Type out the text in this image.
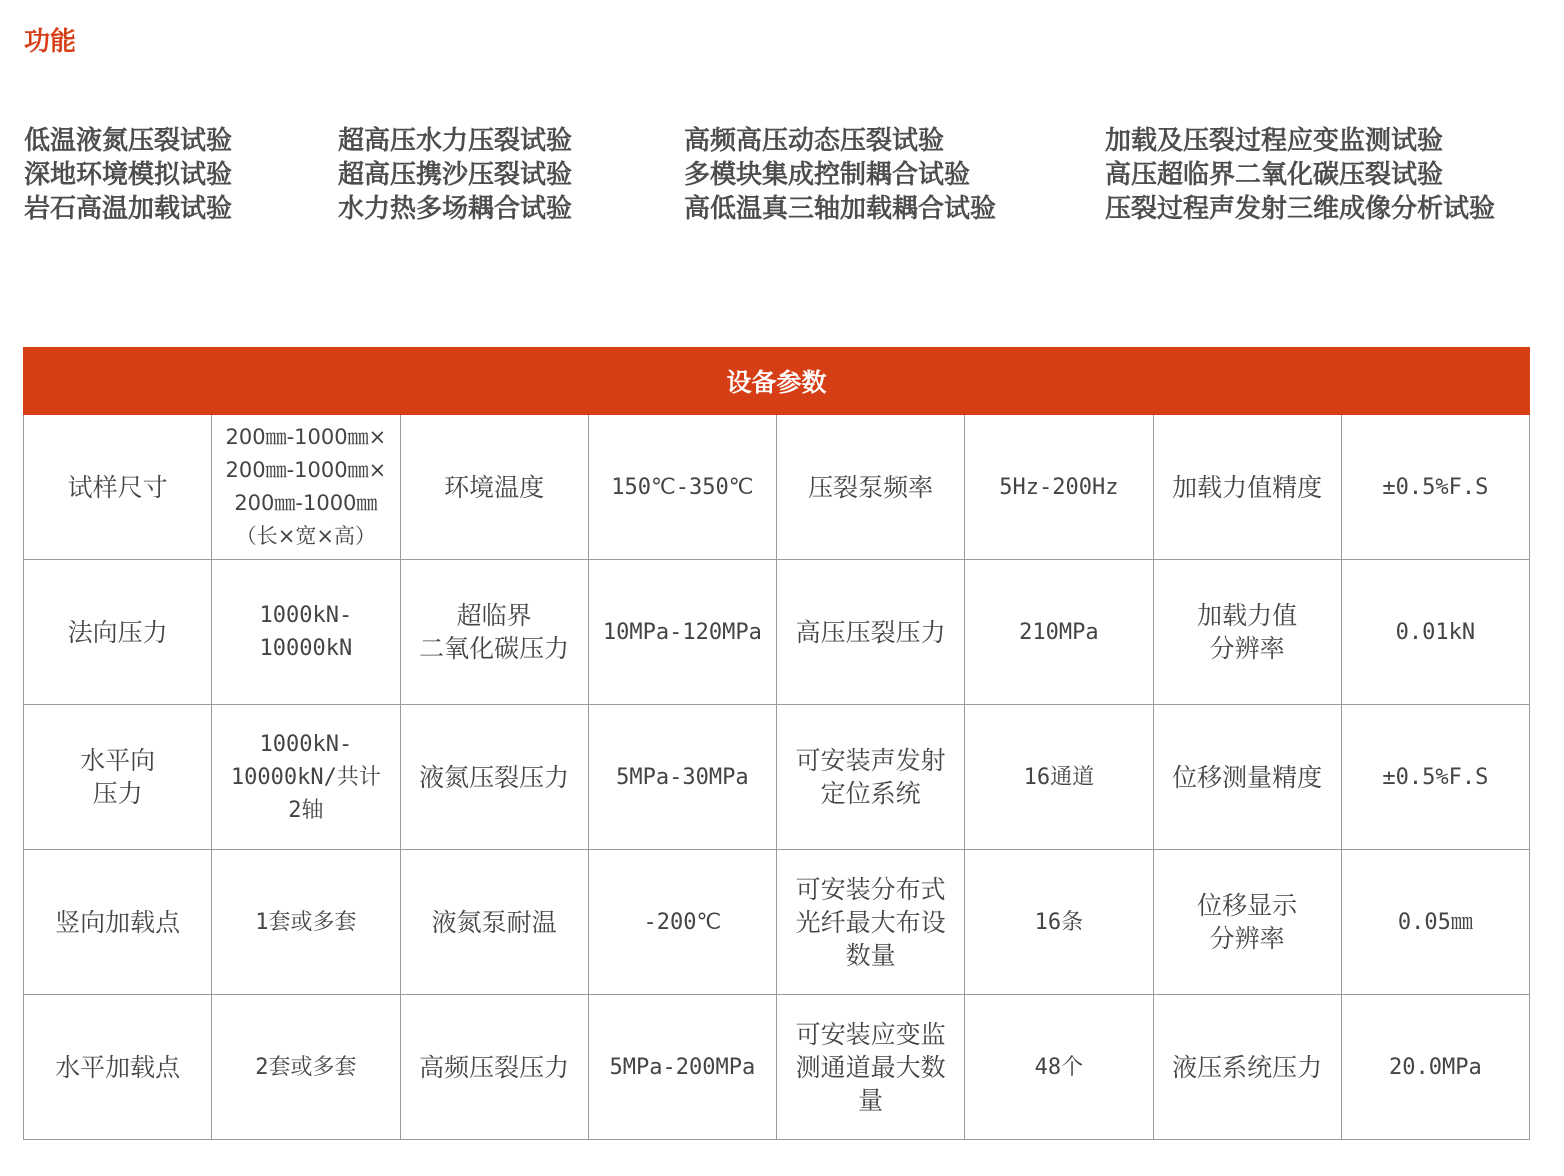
功能
低温液氮压裂试验
深地环境模拟试验
岩石高温加载试验
超高压水力压裂试验
超高压携沙压裂试验
水力热多场耦合试验
高频高压动态压裂试验
多模块集成控制耦合试验
高低温真三轴加载耦合试验
加载及压裂过程应变监测试验
高压超临界二氧化碳压裂试验
压裂过程声发射三维成像分析试验
设备参数							

试样尺寸	200㎜-1000㎜×
200㎜-1000㎜×
200㎜-1000㎜
（长×宽×高）	环境温度	150℃-350℃	压裂泵频率	5Hz-200Hz	加载力值精度	±0.5%F.S

法向压力	1000kN-
10000kN	超临界
二氧化碳压力	10MPa-120MPa	高压压裂压力	210MPa	加载力值
分辨率	0.01kN

水平向
压力	1000kN-
10000kN/共计
2轴	液氮压裂压力	5MPa-30MPa	可安装声发射
定位系统	16通道	位移测量精度	±0.5%F.S

竖向加载点	1套或多套	液氮泵耐温	-200℃	可安装分布式
光纤最大布设
数量	16条	位移显示
分辨率	0.05㎜

水平加载点	2套或多套	高频压裂压力	5MPa-200MPa	可安装应变监
测通道最大数
量	48个	液压系统压力	20.0MPa
